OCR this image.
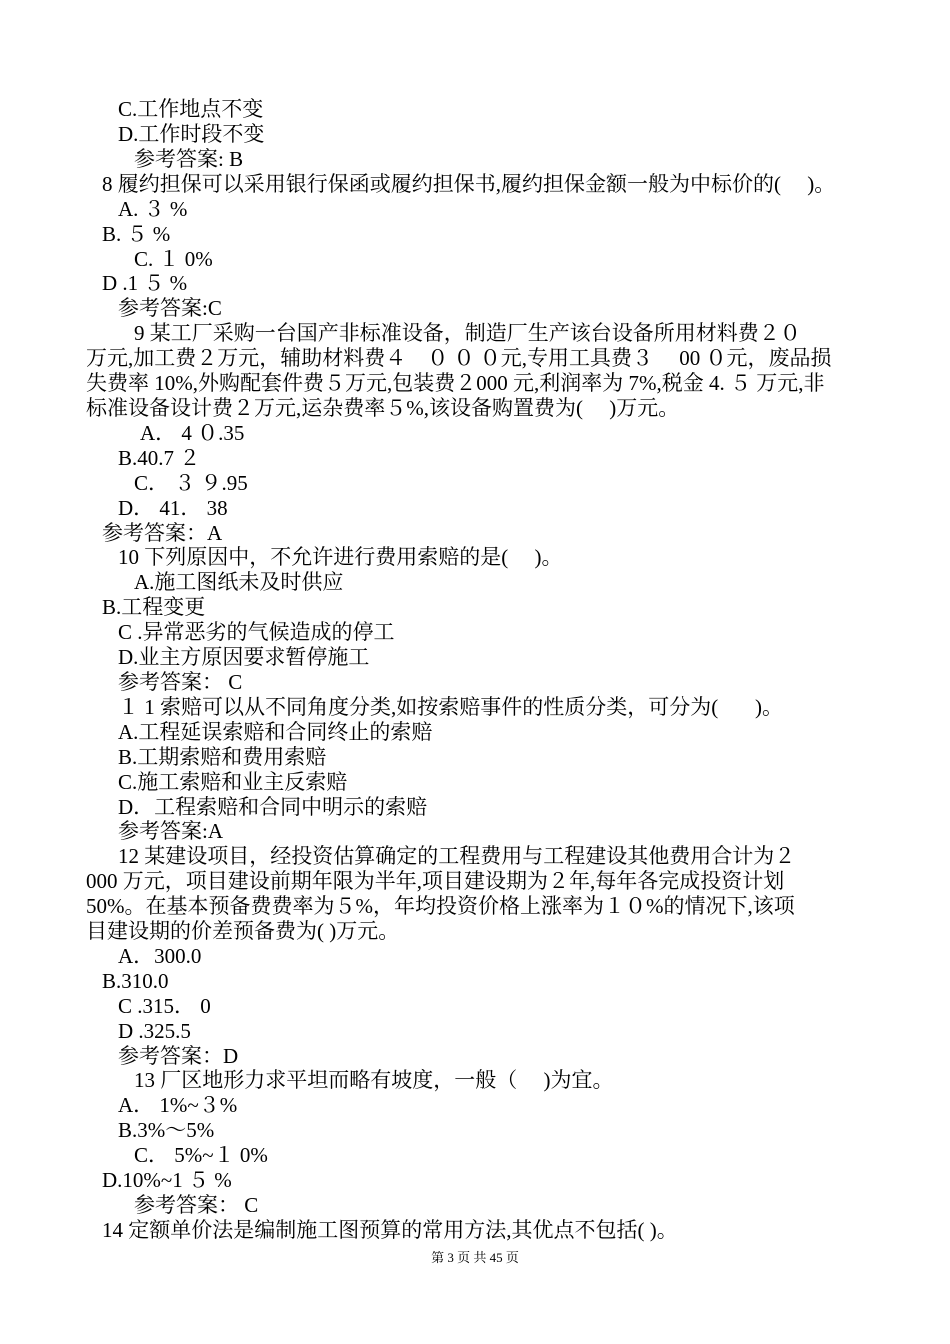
C.工作地点不变
D.工作时段不变
参考答案: B
8 履约担保可以采用银行保函或履约担保书,履约担保金额一般为中标价的(     )。
A. ３ %
B. ５ %
C. １ 0%
D .1 ５ %
参考答案:C
9 某工厂采购一台国产非标准设备，制造厂生产该台设备所用材料费２０
万元,加工费２万元，辅助材料费４　０ ０ ０元,专用工具费３　 00 ０元，废品损
失费率 10%,外购配套件费５万元,包装费２000 元,利润率为 7%,税金 4. ５ 万元,非
标准设备设计费２万元,运杂费率５%,该设备购置费为(     )万元。
A． 4 ０.35
B.40.7 ２
C． ３ ９.95
D． 41． 38
参考答案：A
10 下列原因中，不允许进行费用索赔的是(     )。
A.施工图纸未及时供应
B.工程变更
C .异常恶劣的气候造成的停工
D.业主方原因要求暂停施工
参考答案： C
１ 1 索赔可以从不同角度分类,如按索赔事件的性质分类，可分为(       )。
A.工程延误索赔和合同终止的索赔
B.工期索赔和费用索赔
C.施工索赔和业主反索赔
D．工程索赔和合同中明示的索赔
参考答案:A
12 某建设项目，经投资估算确定的工程费用与工程建设其他费用合计为２
000 万元，项目建设前期年限为半年,项目建设期为２年,每年各完成投资计划
50%。在基本预备费费率为５%，年均投资价格上涨率为１０%的情况下,该项
目建设期的价差预备费为( )万元。
A．300.0
B.310.0
C .315． 0
D .325.5
参考答案：D
13 厂区地形力求平坦而略有坡度，一般（     )为宜。
A． 1%~３%
B.3%～5%
C． 5%~１ 0%
D.10%~1 ５ %
参考答案： C
14 定额单价法是编制施工图预算的常用方法,其优点不包括( )。
第 3 页 共 45 页
